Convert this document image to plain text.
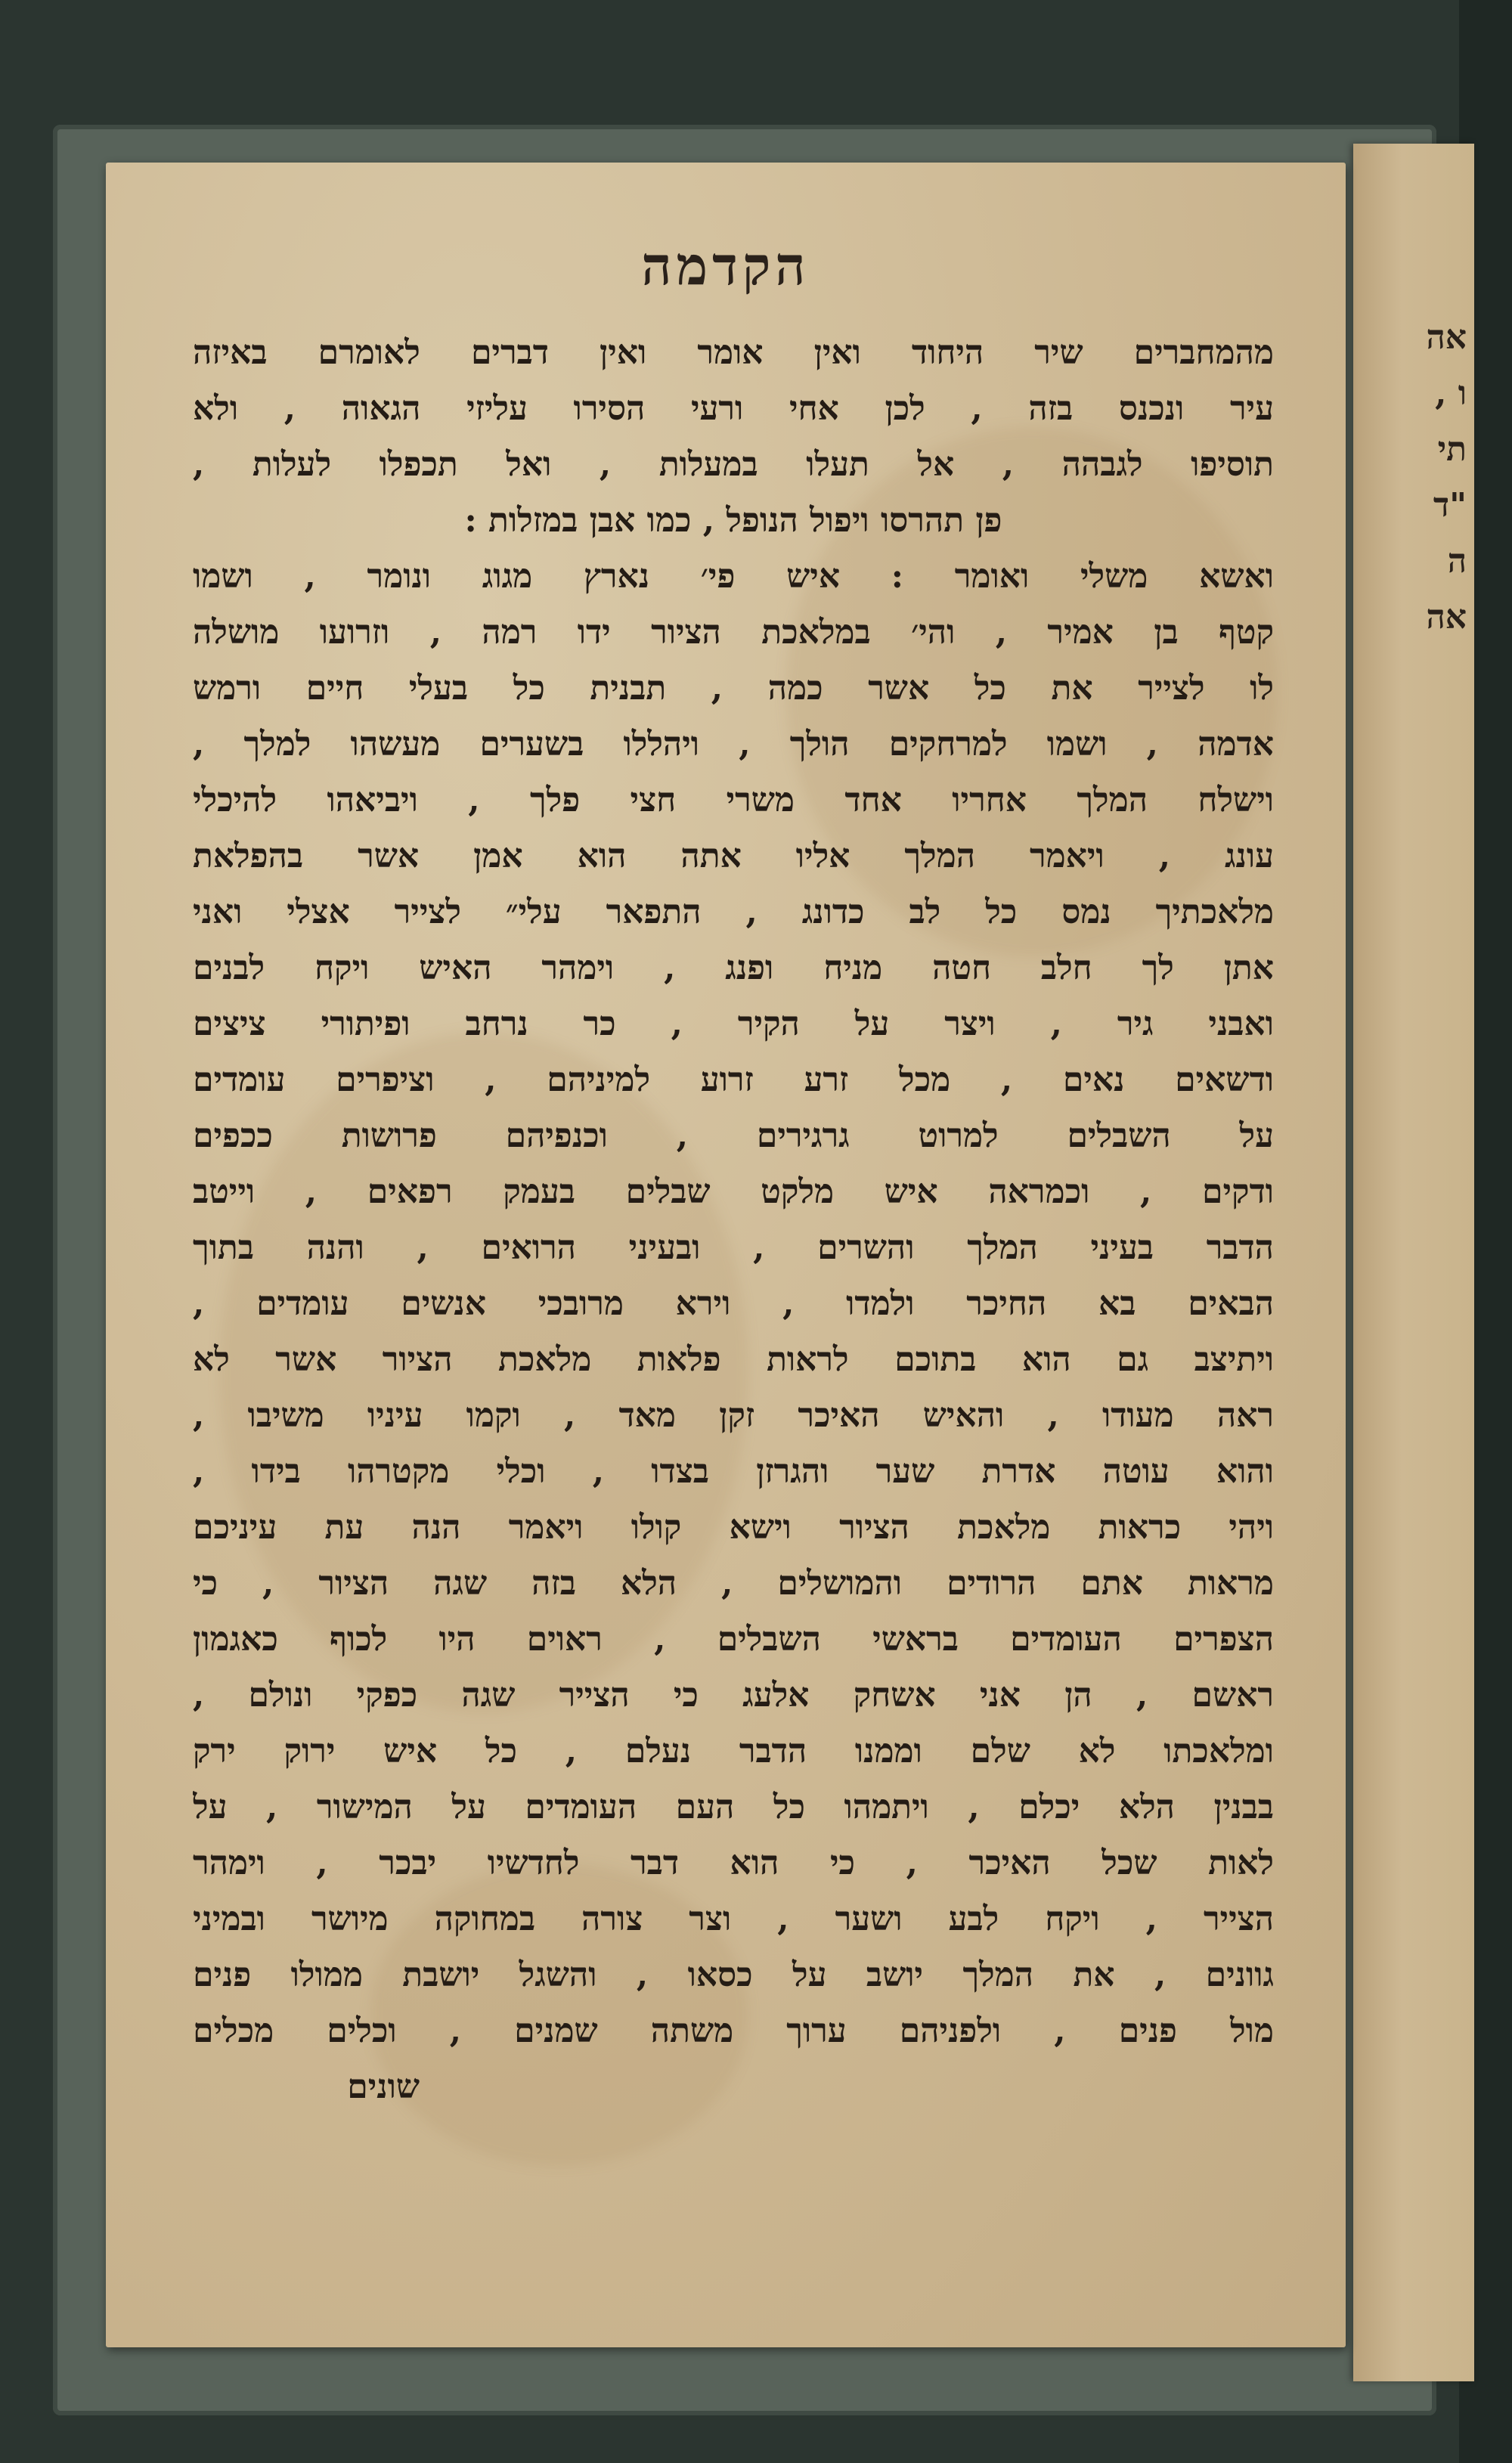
אה
ו ,
תי
"ד
ה
אה
הקדמה
מהמחברים שיר היחוד ואין אומר ואין דברים לאומרם באיזה
עיר ונכנס בזה , לכן אחי ורעי הסירו עליזי הגאוה , ולא
תוסיפו לגבהה , אל תעלו במעלות , ואל תכפלו לעלות ,
פן תהרסו ויפול הנופל , כמו אבן במזלות :
ואשא משלי ואומר : איש פי׳ נארץ מגוג ונומר , ושמו
קטף בן אמיר , והי׳ במלאכת הציור ידו רמה , וזרועו מושלה
לו לצייר את כל אשר כמה , תבנית כל בעלי חיים ורמש
אדמה , ושמו למרחקים הולך , ויהללו בשערים מעשהו למלך ,
וישלח המלך אחריו אחד משרי חצי פלך , ויביאהו להיכלי
עונג , ויאמר המלך אליו אתה הוא אמן אשר בהפלאת
מלאכתיך נמס כל לב כדונג , התפאר עלי״ לצייר אצלי ואני
אתן לך חלב חטה מניח ופנג , וימהר האיש ויקח לבנים
ואבני גיר , ויצר על הקיר , כר נרחב ופיתורי ציצים
ודשאים נאים , מכל זרע זרוע למיניהם , וציפרים עומדים
על השבלים למרוט גרגירים , וכנפיהם פרושות ככפים
ודקים , וכמראה איש מלקט שבלים בעמק רפאים , וייטב
הדבר בעיני המלך והשרים , ובעיני הרואים , והנה בתוך
הבאים בא החיכר ולמדו , וירא מרובכי אנשים עומדים ,
ויתיצב גם הוא בתוכם לראות פלאות מלאכת הציור אשר לא
ראה מעודו , והאיש האיכר זקן מאד , וקמו עיניו משיבו ,
והוא עוטה אדרת שער והגרזן בצדו , וכלי מקטרהו בידו ,
ויהי כראות מלאכת הציור וישא קולו ויאמר הנה עת עיניכם
מראות אתם הרודים והמושלים , הלא בזה שגה הציור , כי
הצפרים העומדים בראשי השבלים , ראוים היו לכוף כאגמון
ראשם , הן אני אשחק אלעג כי הצייר שגה כפקי ונולם ,
ומלאכתו לא שלם וממנו הדבר נעלם , כל איש ירוק ירק
בבנין הלא יכלם , ויתמהו כל העם העומדים על המישור , על
לאות שכל האיכר , כי הוא דבר לחדשיו יבכר , וימהר
הצייר , ויקח לבע ושער , וצר צורה במחוקה מיושר ובמיני
גוונים , את המלך יושב על כסאו , והשגל יושבת ממולו פנים
מול פנים , ולפניהם ערוך משתה שמנים , וכלים מכלים
שונים
